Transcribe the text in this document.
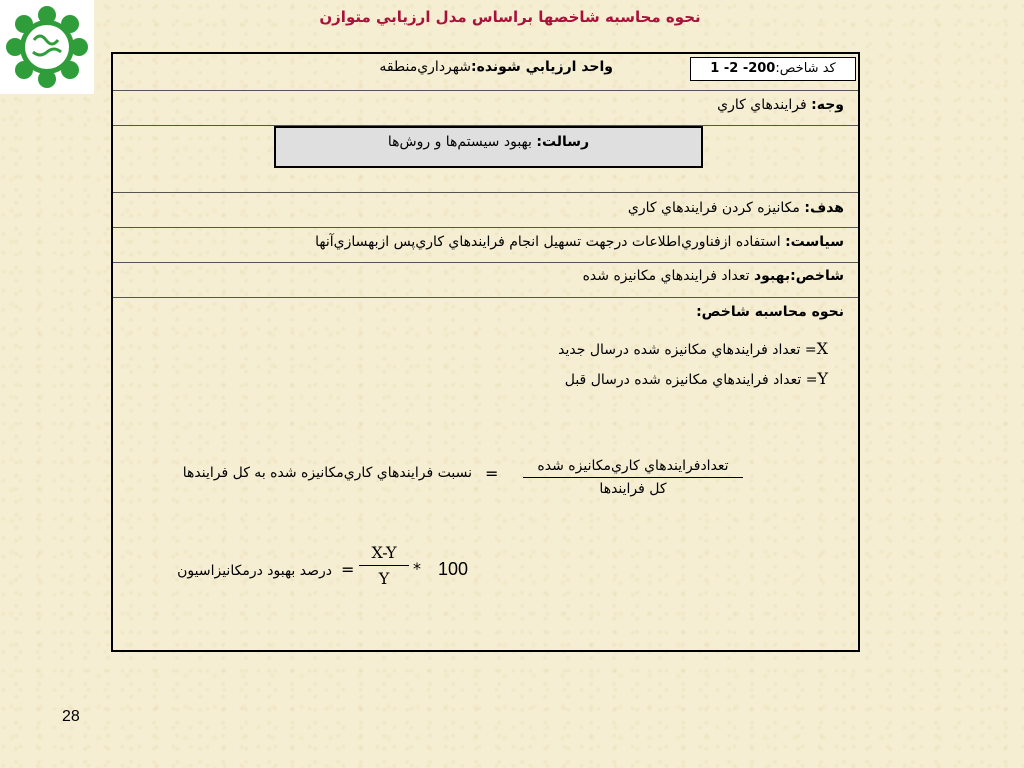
نحوه محاسبه شاخصها براساس مدل ارزيابي متوازن
کد شاخص:1 -2 -200
واحد ارزيابي شونده:شهرداري‌منطقه
وجه: فرايندهاي كاري
رسالت: بهبود سيستم‌ها و روش‌ها
هدف: مكانيزه كردن فرايندهاي كاري
سياست: استفاده ازفناوري‌اطلاعات درجهت تسهيل انجام فرايندهاي كاري‌پس ازبهسازي‌آنها
شاخص:بهبود تعداد فرايندهاي مكانيزه شده
نحوه محاسبه شاخص:
X= تعداد فرايندهاي مكانيزه شده درسال جديد
Y= تعداد فرايندهاي مكانيزه شده درسال قبل
تعدادفرايندهاي كاري‌مكانيزه شده
كل فرايندها
=
نسبت فرايندهاي كاري‌مكانيزه شده به كل فرايندها
100
*
X-Y
Y
=
درصد بهبود درمكانيزاسيون
28
